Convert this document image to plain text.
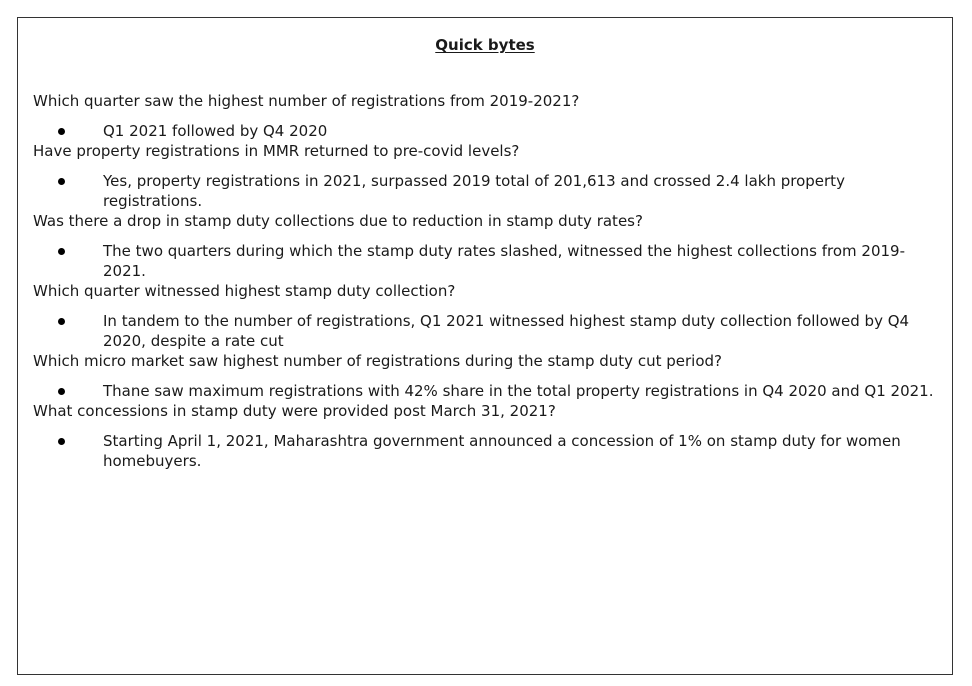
Quick bytes
Which quarter saw the highest number of registrations from 2019-2021?
Q1 2021 followed by Q4 2020
Have property registrations in MMR returned to pre-covid levels?
Yes, property registrations in 2021, surpassed 2019 total of 201,613 and crossed 2.4 lakh property registrations.
Was there a drop in stamp duty collections due to reduction in stamp duty rates?
The two quarters during which the stamp duty rates slashed, witnessed the highest collections from 2019-2021.
Which quarter witnessed highest stamp duty collection?
In tandem to the number of registrations, Q1 2021 witnessed highest stamp duty collection followed by Q4 2020, despite a rate cut
Which micro market saw highest number of registrations during the stamp duty cut period?
Thane saw maximum registrations with 42% share in the total property registrations in Q4 2020 and Q1 2021.
What concessions in stamp duty were provided post March 31, 2021?
Starting April 1, 2021, Maharashtra government announced a concession of 1% on stamp duty for women homebuyers.
